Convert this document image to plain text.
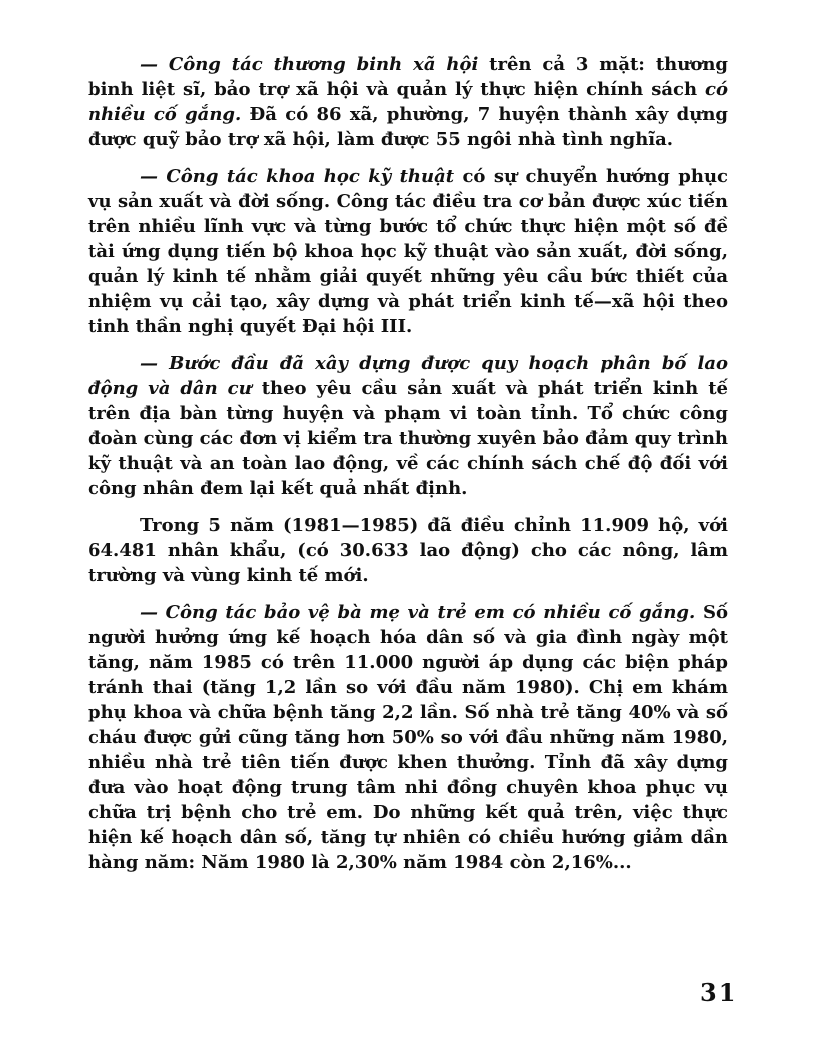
— Công tác thương binh xã hội trên cả 3 mặt: thương binh liệt sĩ, bảo trợ xã hội và quản lý thực hiện chính sách có nhiều cố gắng. Đã có 86 xã, phường, 7 huyện thành xây dựng được quỹ bảo trợ xã hội, làm được 55 ngôi nhà tình nghĩa.

— Công tác khoa học kỹ thuật có sự chuyển hướng phục vụ sản xuất và đời sống. Công tác điều tra cơ bản được xúc tiến trên nhiều lĩnh vực và từng bước tổ chức thực hiện một số đề tài ứng dụng tiến bộ khoa học kỹ thuật vào sản xuất, đời sống, quản lý kinh tế nhằm giải quyết những yêu cầu bức thiết của nhiệm vụ cải tạo, xây dựng và phát triển kinh tế—xã hội theo tinh thần nghị quyết Đại hội III.

— Bước đầu đã xây dựng được quy hoạch phân bố lao động và dân cư theo yêu cầu sản xuất và phát triển kinh tế trên địa bàn từng huyện và phạm vi toàn tỉnh. Tổ chức công đoàn cùng các đơn vị kiểm tra thường xuyên bảo đảm quy trình kỹ thuật và an toàn lao động, về các chính sách chế độ đối với công nhân đem lại kết quả nhất định.

Trong 5 năm (1981—1985) đã điều chỉnh 11.909 hộ, với 64.481 nhân khẩu, (có 30.633 lao động) cho các nông, lâm trường và vùng kinh tế mới.

— Công tác bảo vệ bà mẹ và trẻ em có nhiều cố gắng. Số người hưởng ứng kế hoạch hóa dân số và gia đình ngày một tăng, năm 1985 có trên 11.000 người áp dụng các biện pháp tránh thai (tăng 1,2 lần so với đầu năm 1980). Chị em khám phụ khoa và chữa bệnh tăng 2,2 lần. Số nhà trẻ tăng 40% và số cháu được gửi cũng tăng hơn 50% so với đầu những năm 1980, nhiều nhà trẻ tiên tiến được khen thưởng. Tỉnh đã xây dựng đưa vào hoạt động trung tâm nhi đồng chuyên khoa phục vụ chữa trị bệnh cho trẻ em. Do những kết quả trên, việc thực hiện kế hoạch dân số, tăng tự nhiên có chiều hướng giảm dần hàng năm: Năm 1980 là 2,30% năm 1984 còn 2,16%...

31
